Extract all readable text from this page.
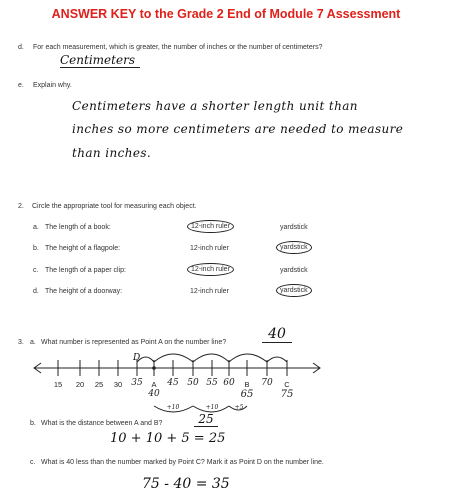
ANSWER KEY to the Grade 2 End of Module 7 Assessment
d. For each measurement, which is greater, the number of inches or the number of centimeters?
Centimeters
e. Explain why.
Centimeters have a shorter length unit than
inches so more centimeters are needed to measure
than inches.
2. Circle the appropriate tool for measuring each object.
a. The length of a book:	12-inch ruler	yardstick
b. The height of a flagpole:	12-inch ruler	yardstick
c. The length of a paper clip:	12-inch ruler	yardstick
d. The height of a doorway:	12-inch ruler	yardstick
3. a. What number is represented as Point A on the number line?
40
D
15	20	25	30	35	A	45 50 55 60	B	70	C
40	65	75
+10	+10	+5
b. What is the distance between A and B?	25
10 + 10 + 5 = 25
c. What is 40 less than the number marked by Point C? Mark it as Point D on the number line.
75 - 40 = 35
